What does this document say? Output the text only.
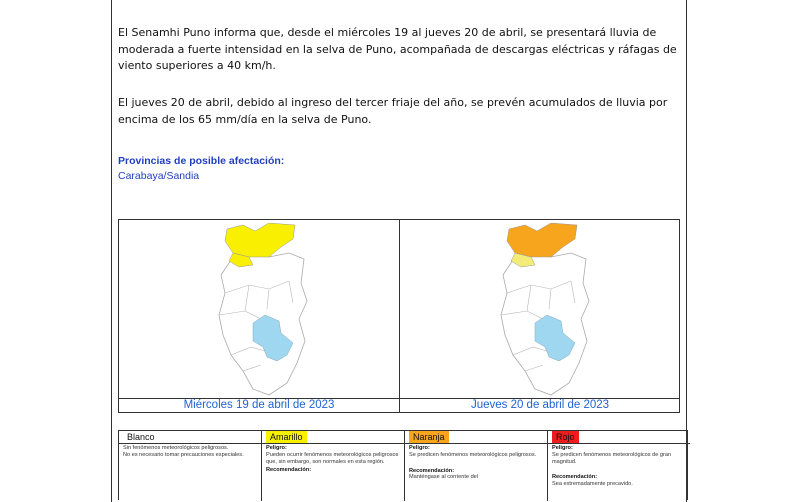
El Senamhi Puno informa que, desde el miércoles 19 al jueves 20 de abril, se presentará lluvia de moderada a fuerte intensidad en la selva de Puno, acompañada de descargas eléctricas y ráfagas de viento superiores a 40 km/h.
El jueves 20 de abril, debido al ingreso del tercer friaje del año, se prevén acumulados de lluvia por encima de los 65 mm/día en la selva de Puno.
Provincias de posible afectación:
Carabaya/Sandia
Miércoles 19 de abril de 2023	Jueves 20 de abril de 2023
Blanco
Sin fenómenos meteorológicos peligrosos.
No es necesario tomar precauciones especiales.
Amarillo
Peligro:
Pueden ocurrir fenómenos meteorológicos peligrosos que, sin embargo, son normales en esta región.
Recomendación:
Naranja
Peligro:
Se predicen fenómenos meteorológicos peligrosos.
Recomendación:
Manténgase al corriente del
Rojo
Peligro:
Se predicen fenómenos meteorológicos de gran magnitud.
Recomendación:
Sea extremadamente precavido.
